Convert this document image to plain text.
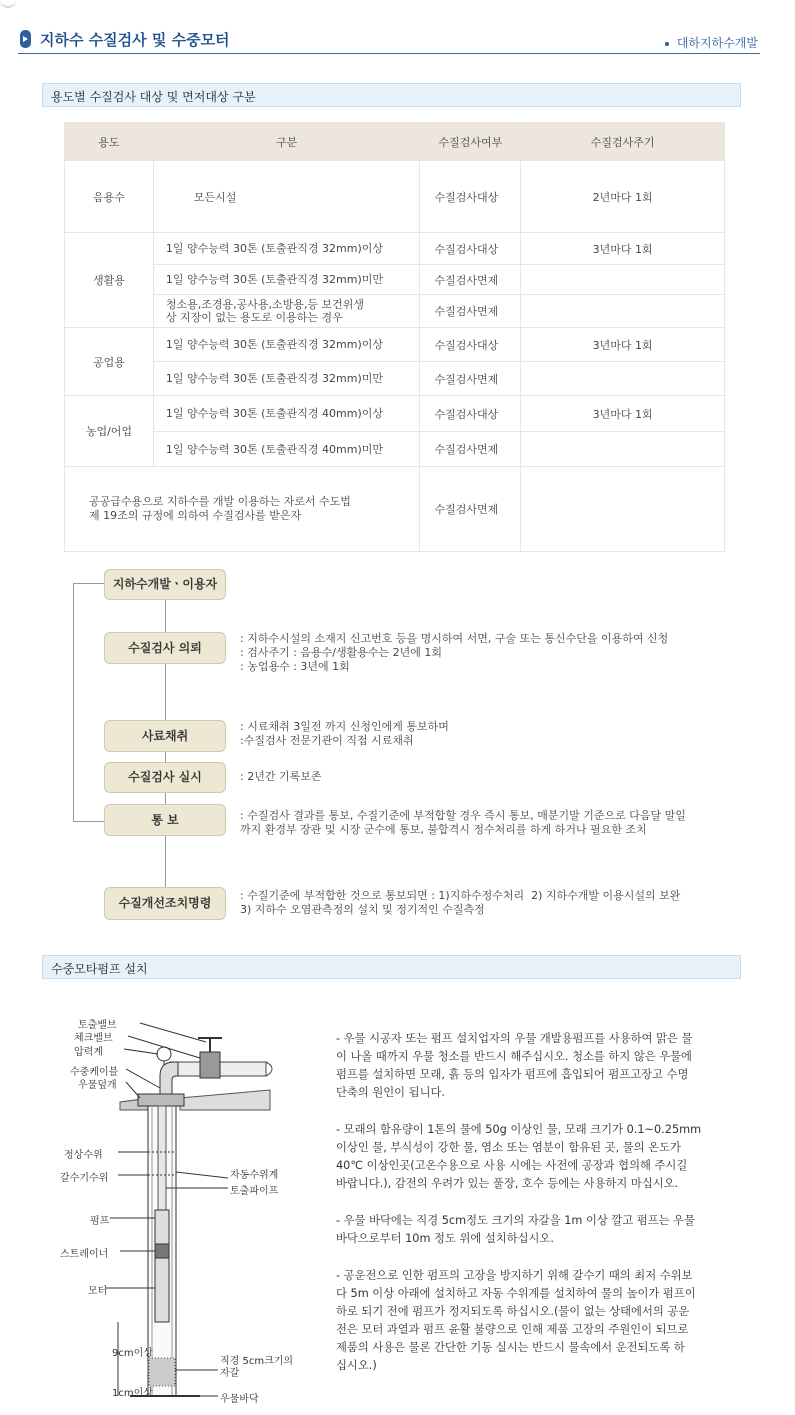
지하수 수질검사 및 수중모터	대하지하수개발
용도별 수질검사 대상 및 면저대상 구분
용도	구분	수질검사여부	수질검사주기
음용수	모든시설	수질검사대상	2년마다 1회
생활용	1일 양수능력 30톤 (토출관직경 32mm)이상	수질검사대상	3년마다 1회
	1일 양수능력 30톤 (토출관직경 32mm)미만	수질검사면제	

	청소용,조경용,공사용,소방용,등 보건위생
상 지장이 없는 용도로 이용하는 경우	수질검사면제	
공업용	1일 양수능력 30톤 (토출관직경 32mm)이상	수질검사대상	3년마다 1회
	1일 양수능력 30톤 (토출관직경 32mm)미만	수질검사면제	
농업/어업	1일 양수능력 30톤 (토출관직경 40mm)이상	수질검사대상	3년마다 1회
	1일 양수능력 30톤 (토출관직경 40mm)미만	수질검사면제	

공공급수용으로 지하수를 개발 이용하는 자로서 수도법
제 19조의 규정에 의하여 수질검사를 받은자		수질검사면제	
지하수개발ㆍ이용자
수질검사 의뢰
사료채취
수질검사 실시
통 보
수질개선조치명령
: 지하수시설의 소재지 신고번호 등을 명시하여 서면, 구술 또는 통신수단을 이용하여 신청
: 검사주기 : 음용수/생활용수는 2년에 1회
: 농업용수 : 3년에 1회
: 시료채취 3일전 까지 신청인에게 통보하며
:수질검사 전문기관이 직접 시료채취
: 2년간 기록보존
: 수질검사 결과를 통보, 수질기준에 부적합할 경우 즉시 통보, 매분기말 기준으로 다음달 말일
까지 환경부 장관 및 시장 군수에 통보, 불합격시 정수처리를 하게 하거나 필요한 조치
: 수질기준에 부적합한 것으로 통보되면 : 1)지하수정수처리  2) 지하수개발 이용시설의 보완
3) 지하수 오염관측정의 설치 및 정기적인 수질측정
수중모타펌프 설치
토출밸브
체크밸브
압력계
수중케이블
우물덮개
정상수위
갈수기수위	자동수위계
토출파이프
펌프
스트레이너
모터
9cm이상
직경 5cm크기의
자갈
1cm이상
우물바닥
- 우물 시공자 또는 펌프 설치업자의 우물 개발용펌프를 사용하여 맑은 물
이 나올 때까지 우물 청소를 반드시 해주십시오. 청소를 하지 않은 우물에
펌프를 설치하면 모래, 흙 등의 입자가 펌프에 흡입되어 펌프고장고 수명
단축의 원인이 됩니다.
- 모래의 함유량이 1톤의 물에 50g 이상인 물, 모래 크기가 0.1~0.25mm
이상인 물, 부식성이 강한 물, 염소 또는 염분이 함유된 곳, 물의 온도가
40℃ 이상인곳(고온수용으로 사용 시에는 사전에 공장과 협의해 주시길
바랍니다.), 감전의 우려가 있는 풀장, 호수 등에는 사용하지 마십시오.
- 우물 바닥에는 직경 5cm정도 크기의 자갈을 1m 이상 깔고 펌프는 우물
바닥으로부터 10m 정도 위에 설치하십시오.
- 공운전으로 인한 펌프의 고장을 방지하기 위해 갈수기 때의 최저 수위보
다 5m 이상 아래에 설치하고 자동 수위계를 설치하여 물의 높이가 펌프이
하로 되기 전에 펌프가 정지되도록 하십시오.(물이 없는 상태에서의 공운
전은 모터 과열과 펌프 윤활 불량으로 인해 제품 고장의 주원인이 되므로
제품의 사용은 물론 간단한 기동 실시는 반드시 물속에서 운전되도록 하
십시오.)
